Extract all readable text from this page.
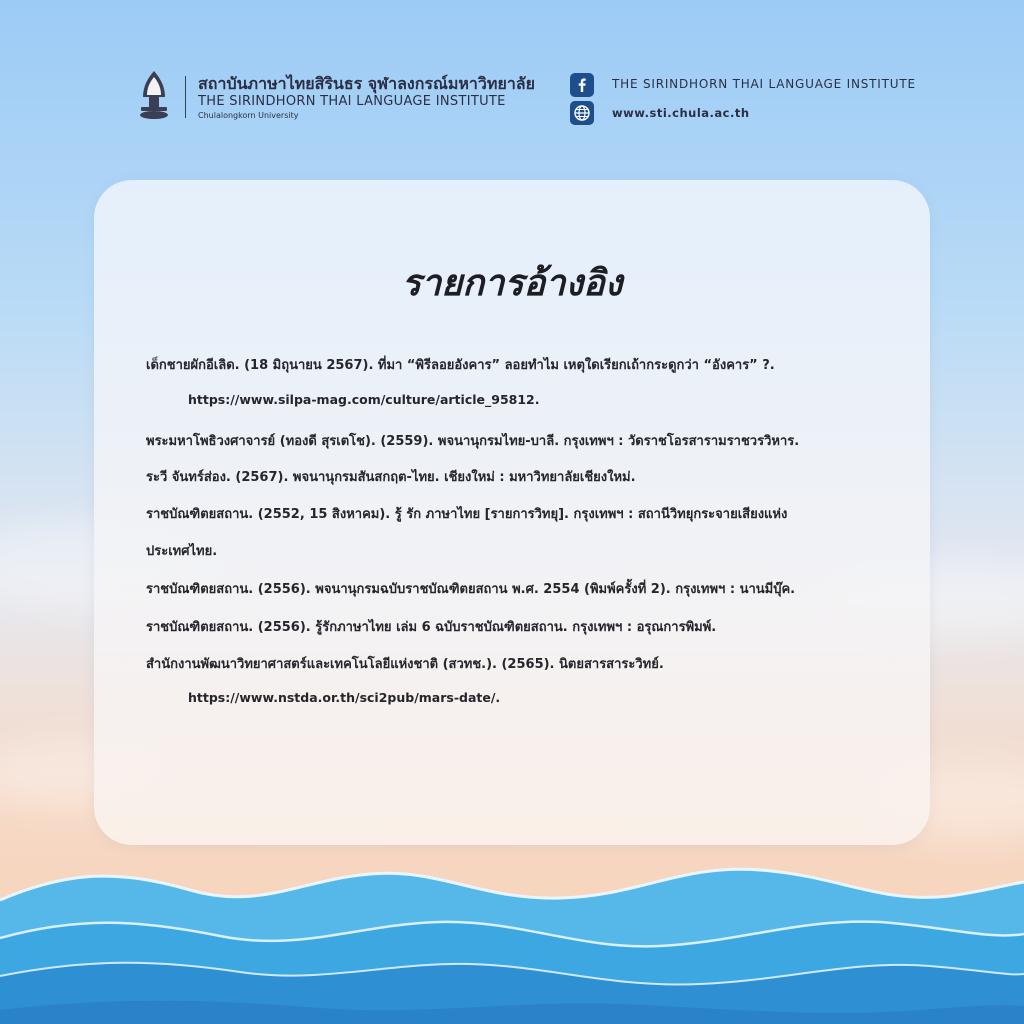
สถาบันภาษาไทยสิรินธร จุฬาลงกรณ์มหาวิทยาลัย
THE SIRINDHORN THAI LANGUAGE INSTITUTE
Chulalongkorn University
THE SIRINDHORN THAI LANGUAGE INSTITUTE
www.sti.chula.ac.th
รายการอ้างอิง
เด็กชายผักอีเลิด. (18 มิถุนายน 2567). ที่มา “พิรีลอยอังคาร” ลอยทำไม เหตุใดเรียกเถ้ากระดูกว่า “อังคาร” ?.
https://www.silpa-mag.com/culture/article_95812.
พระมหาโพธิวงศาจารย์ (ทองดี สุรเตโช). (2559). พจนานุกรมไทย-บาลี. กรุงเทพฯ : วัดราชโอรสารามราชวรวิหาร.
ระวี จันทร์ส่อง. (2567). พจนานุกรมสันสกฤต-ไทย. เชียงใหม่ : มหาวิทยาลัยเชียงใหม่.
ราชบัณฑิตยสถาน. (2552, 15 สิงหาคม). รู้ รัก ภาษาไทย [รายการวิทยุ]. กรุงเทพฯ : สถานีวิทยุกระจายเสียงแห่ง
ประเทศไทย.
ราชบัณฑิตยสถาน. (2556). พจนานุกรมฉบับราชบัณฑิตยสถาน พ.ศ. 2554 (พิมพ์ครั้งที่ 2). กรุงเทพฯ : นานมีบุ๊ค.
ราชบัณฑิตยสถาน. (2556). รู้รักภาษาไทย เล่ม 6 ฉบับราชบัณฑิตยสถาน. กรุงเทพฯ : อรุณการพิมพ์.
สำนักงานพัฒนาวิทยาศาสตร์และเทคโนโลยีแห่งชาติ (สวทช.). (2565). นิตยสารสาระวิทย์.
https://www.nstda.or.th/sci2pub/mars-date/.
